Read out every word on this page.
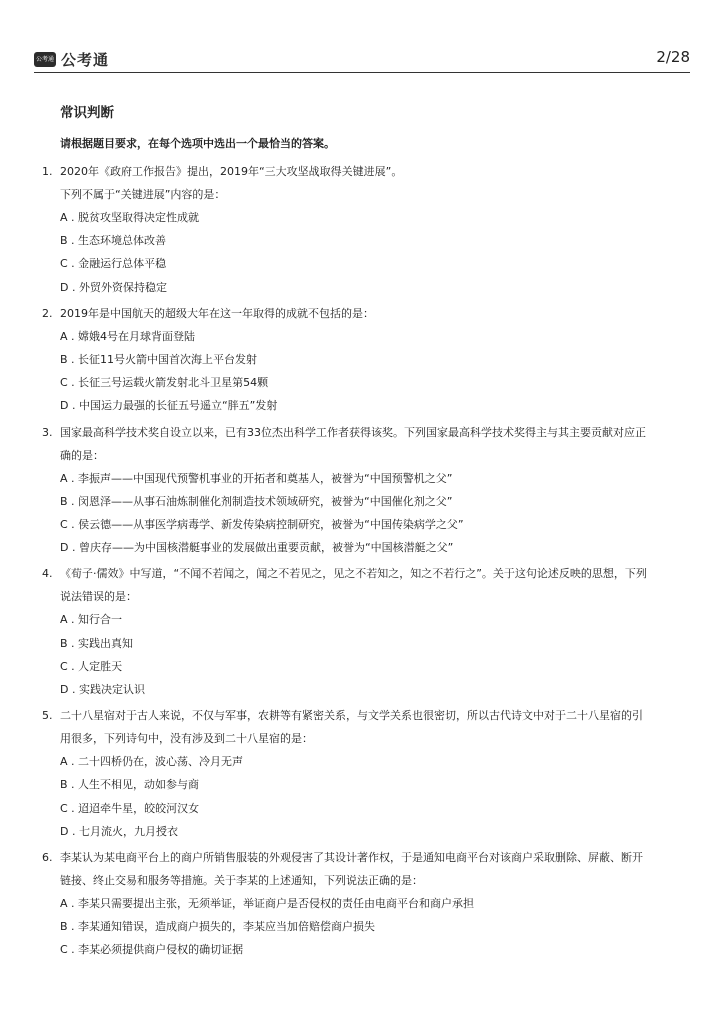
公考通 公考通	2/28
常识判断
请根据题目要求，在每个选项中选出一个最恰当的答案。
1. 2020年《政府工作报告》提出，2019年“三大攻坚战取得关键进展”。
下列不属于“关键进展”内容的是：
A . 脱贫攻坚取得决定性成就
B . 生态环境总体改善
C . 金融运行总体平稳
D . 外贸外资保持稳定
2. 2019年是中国航天的超级大年在这一年取得的成就不包括的是：
A . 嫦娥4号在月球背面登陆
B . 长征11号火箭中国首次海上平台发射
C . 长征三号运载火箭发射北斗卫星第54颗
D . 中国运力最强的长征五号遥立“胖五”发射
3. 国家最高科学技术奖自设立以来，已有33位杰出科学工作者获得该奖。下列国家最高科学技术奖得主与其主要贡献对应正
确的是：
A . 李振声——中国现代预警机事业的开拓者和奠基人，被誉为“中国预警机之父”
B . 闵恩泽——从事石油炼制催化剂制造技术领域研究，被誉为“中国催化剂之父”
C . 侯云德——从事医学病毒学、新发传染病控制研究，被誉为“中国传染病学之父”
D . 曾庆存——为中国核潜艇事业的发展做出重要贡献，被誉为“中国核潜艇之父”
4. 《荀子·儒效》中写道，“不闻不若闻之，闻之不若见之，见之不若知之，知之不若行之”。关于这句论述反映的思想，下列
说法错误的是：
A . 知行合一
B . 实践出真知
C . 人定胜天
D . 实践决定认识
5. 二十八星宿对于古人来说，不仅与军事，农耕等有紧密关系，与文学关系也很密切，所以古代诗文中对于二十八星宿的引
用很多，下列诗句中，没有涉及到二十八星宿的是：
A . 二十四桥仍在，波心荡、冷月无声
B . 人生不相见，动如参与商
C . 迢迢牵牛星，皎皎河汉女
D . 七月流火，九月授衣
6. 李某认为某电商平台上的商户所销售服装的外观侵害了其设计著作权，于是通知电商平台对该商户采取删除、屏蔽、断开
链接、终止交易和服务等措施。关于李某的上述通知，下列说法正确的是：
A . 李某只需要提出主张，无须举证，举证商户是否侵权的责任由电商平台和商户承担
B . 李某通知错误，造成商户损失的，李某应当加倍赔偿商户损失
C . 李某必须提供商户侵权的确切证据
